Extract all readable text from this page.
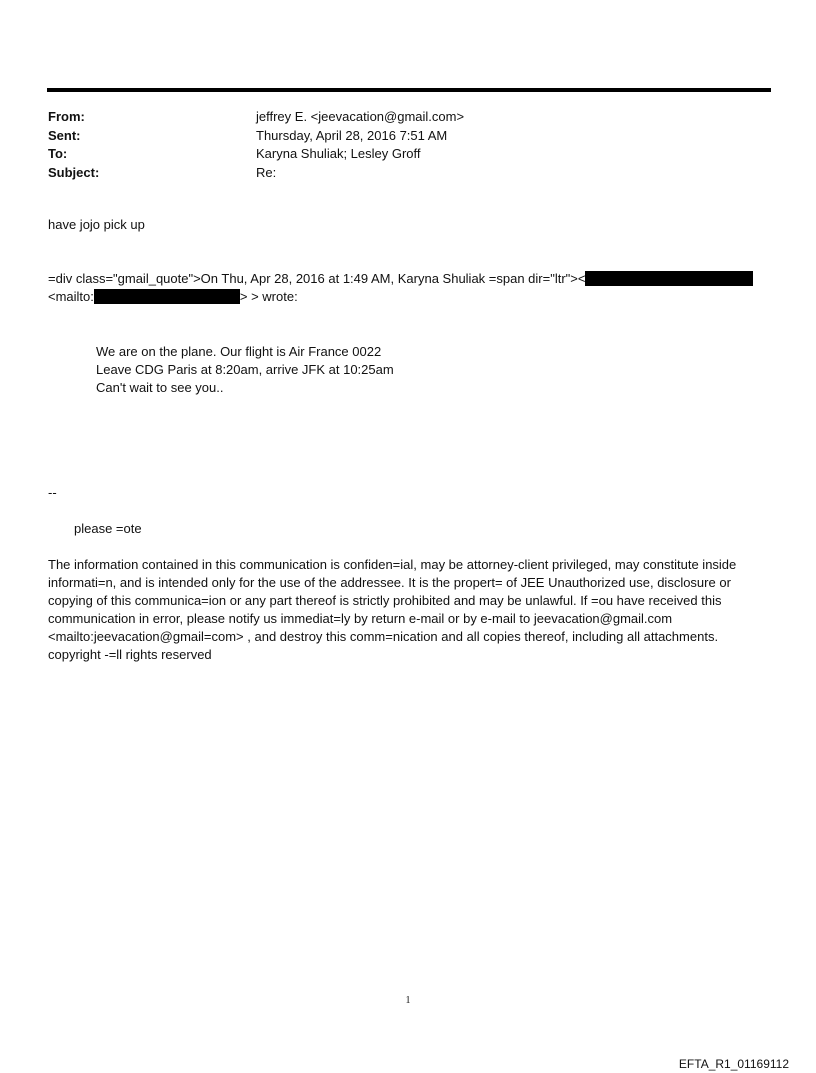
From:	jeffrey E. <jeevacation@gmail.com>
Sent:	Thursday, April 28, 2016 7:51 AM
To:	Karyna Shuliak; Lesley Groff
Subject:	Re:
have jojo pick up
=div class="gmail_quote">On Thu, Apr 28, 2016 at 1:49 AM, Karyna Shuliak =span dir="ltr"><
<mailto:	> > wrote:
We are on the plane. Our flight is Air France 0022
Leave CDG Paris at 8:20am, arrive JFK at 10:25am
Can't wait to see you..
--
please =ote
The information contained in this communication is confiden=ial, may be attorney-client privileged, may constitute inside informati=n, and is intended only for the use of the addressee. It is the propert= of JEE Unauthorized use, disclosure or copying of this communica=ion or any part thereof is strictly prohibited and may be unlawful. If =ou have received this communication in error, please notify us immediat=ly by return e-mail or by e-mail to jeevacation@gmail.com <mailto:jeevacation@gmail=com> , and destroy this comm=nication and all copies thereof, including all attachments. copyright -=ll rights reserved
1
EFTA_R1_01169112
